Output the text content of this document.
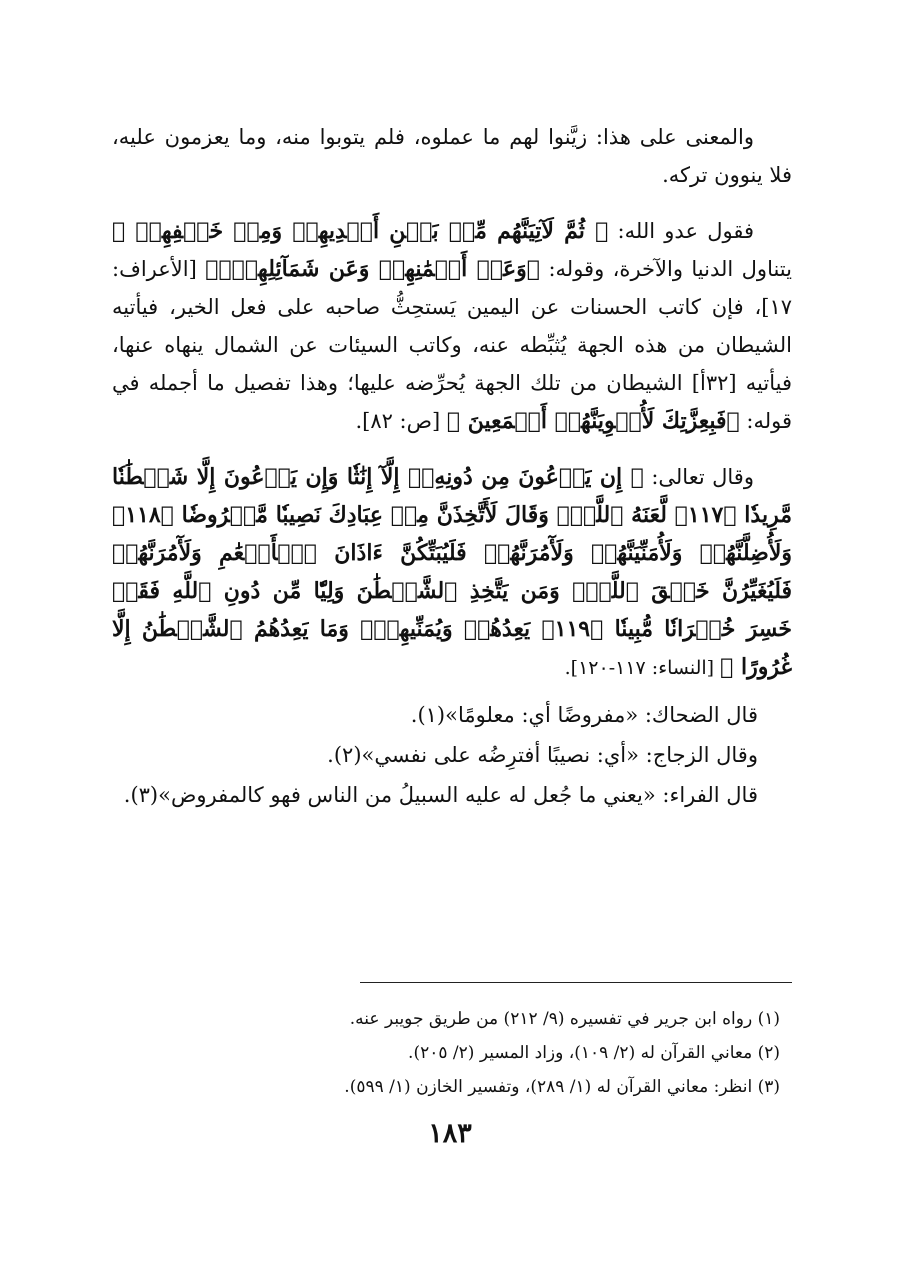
والمعنى على هذا: زيَّنوا لهم ما عملوه، فلم يتوبوا منه، وما يعزمون عليه، فلا ينوون تركه.

فقول عدو الله: ﴿ ثُمَّ لَآتِيَنَّهُم مِّنۢ بَيۡنِ أَيۡدِيهِمۡ وَمِنۡ خَلۡفِهِمۡ ﴾ يتناول الدنيا والآخرة، وقوله: ﴿وَعَنۡ أَيۡمَٰنِهِمۡ وَعَن شَمَآئِلِهِمۡۖ﴾ [الأعراف: ١٧]، فإن كاتب الحسنات عن اليمين يَستحِثُّ صاحبه على فعل الخير، فيأتيه الشيطان من هذه الجهة يُثبِّطه عنه، وكاتب السيئات عن الشمال ينهاه عنها، فيأتيه [٣٢أ] الشيطان من تلك الجهة يُحرِّضه عليها؛ وهذا تفصيل ما أجمله في قوله: ﴿فَبِعِزَّتِكَ لَأُغۡوِيَنَّهُمۡ أَجۡمَعِينَ ﴾ [ص: ٨٢].

وقال تعالى: ﴿ إِن يَدۡعُونَ مِن دُونِهِۦٓ إِلَّآ إِنَٰثٗا وَإِن يَدۡعُونَ إِلَّا شَيۡطَٰنٗا مَّرِيدٗا ﴿١١٧﴾ لَّعَنَهُ ٱللَّهُۘ وَقَالَ لَأَتَّخِذَنَّ مِنۡ عِبَادِكَ نَصِيبٗا مَّفۡرُوضٗا ﴿١١٨﴾ وَلَأُضِلَّنَّهُمۡ وَلَأُمَنِّيَنَّهُمۡ وَلَأٓمُرَنَّهُمۡ فَلَيُبَتِّكُنَّ ءَاذَانَ ٱلۡأَنۡعَٰمِ وَلَأٓمُرَنَّهُمۡ فَلَيُغَيِّرُنَّ خَلۡقَ ٱللَّهِۚ وَمَن يَتَّخِذِ ٱلشَّيۡطَٰنَ وَلِيّٗا مِّن دُونِ ٱللَّهِ فَقَدۡ خَسِرَ خُسۡرَانٗا مُّبِينٗا ﴿١١٩﴾ يَعِدُهُمۡ وَيُمَنِّيهِمۡۖ وَمَا يَعِدُهُمُ ٱلشَّيۡطَٰنُ إِلَّا غُرُورًا ﴾ [النساء: ١١٧-١٢٠].

قال الضحاك: «مفروضًا أي: معلومًا»(١).

وقال الزجاج: «أي: نصيبًا أفترِضُه على نفسي»(٢).

قال الفراء: «يعني ما جُعل له عليه السبيلُ من الناس فهو كالمفروض»(٣).

(١) رواه ابن جرير في تفسيره (٩/ ٢١٢) من طريق جويبر عنه.

(٢) معاني القرآن له (٢/ ١٠٩)، وزاد المسير (٢/ ٢٠٥).

(٣) انظر: معاني القرآن له (١/ ٢٨٩)، وتفسير الخازن (١/ ٥٩٩).

١٨٣
